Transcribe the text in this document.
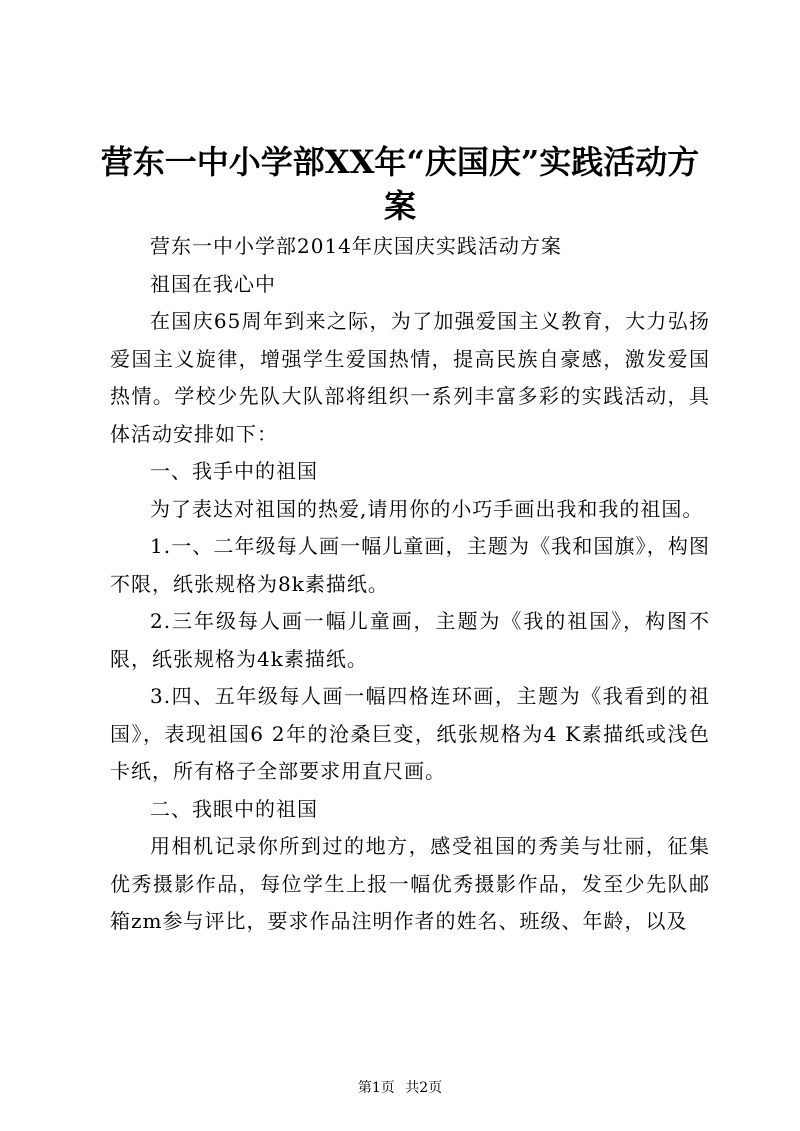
营东一中小学部XX年“庆国庆”实践活动方案

营东一中小学部2014年庆国庆实践活动方案

祖国在我心中

在国庆65周年到来之际，为了加强爱国主义教育，大力弘扬爱国主义旋律，增强学生爱国热情，提高民族自豪感，激发爱国热情。学校少先队大队部将组织一系列丰富多彩的实践活动，具体活动安排如下：

一、我手中的祖国

为了表达对祖国的热爱,请用你的小巧手画出我和我的祖国。

1.一、二年级每人画一幅儿童画，主题为《我和国旗》，构图不限，纸张规格为8k素描纸。

2.三年级每人画一幅儿童画，主题为《我的祖国》，构图不限，纸张规格为4k素描纸。

3.四、五年级每人画一幅四格连环画，主题为《我看到的祖国》，表现祖国6 2年的沧桑巨变，纸张规格为4 K素描纸或浅色卡纸，所有格子全部要求用直尺画。

二、我眼中的祖国

用相机记录你所到过的地方，感受祖国的秀美与壮丽，征集优秀摄影作品，每位学生上报一幅优秀摄影作品，发至少先队邮箱zm参与评比，要求作品注明作者的姓名、班级、年龄，以及

第1页 共2页
